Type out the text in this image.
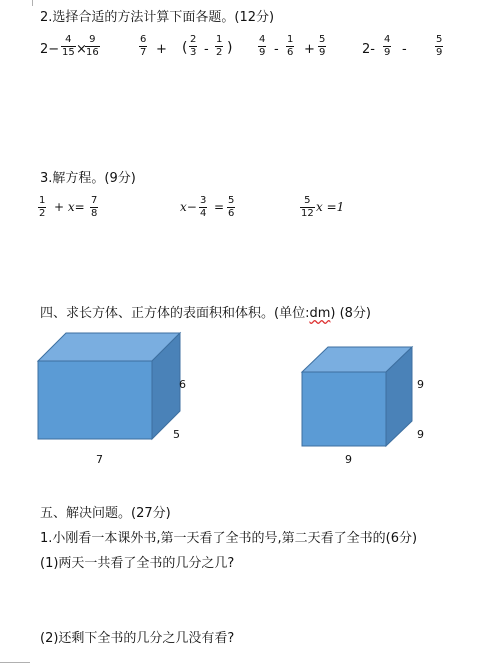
2.选择合适的方法计算下面各题。(12分)
$2- \frac{4}{15}$ ×
$\frac{9}{16}$	$\frac{6}{7}$ + ( $\frac{2}{3} - \frac{1}{2}$ )	$\frac{4}{9} - \frac{1}{6} + \frac{5}{9}$	$2- \frac{4}{9}$ -	$\frac{5}{9}$
3.解方程。(9分)
$\frac{1}{2} + x= \frac{7}{8}$	$x- \frac{3}{4} = \frac{5}{6}$	$\frac{5}{12}$ x =1
四、求长方体、正方体的表面积和体积。(单位:dm) (8分)
6
5
7
9
9
9
五、解决问题。(27分)
1.小刚看一本课外书,第一天看了全书的号,第二天看了全书的(6分)
(1)两天一共看了全书的几分之几?
(2)还剩下全书的几分之几没有看?
